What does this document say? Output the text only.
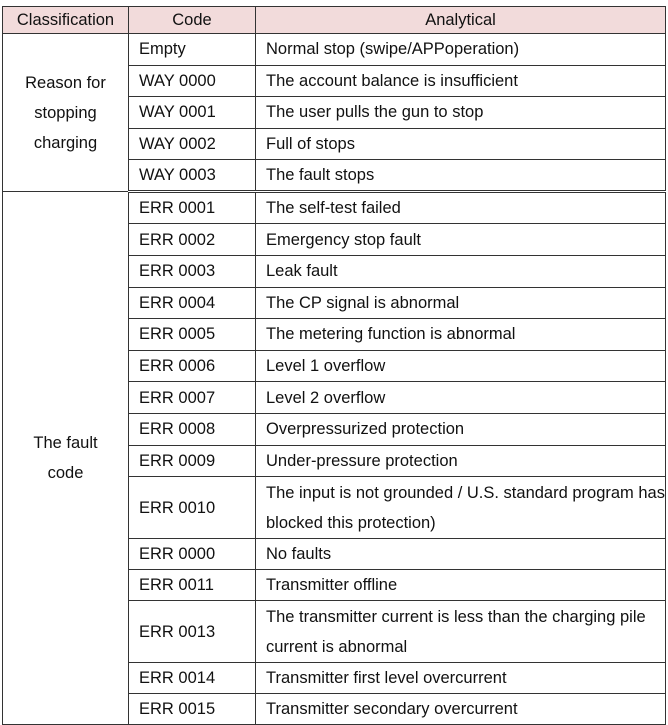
Classification	Code	Analytical
Reason for stopping charging	Empty	Normal stop (swipe/APPoperation)
	WAY 0000	The account balance is insufficient
	WAY 0001	The user pulls the gun to stop
	WAY 0002	Full of stops
	WAY 0003	The fault stops
The fault code	ERR 0001	The self-test failed
	ERR 0002	Emergency stop fault
	ERR 0003	Leak fault
	ERR 0004	The CP signal is abnormal
	ERR 0005	The metering function is abnormal
	ERR 0006	Level 1 overflow
	ERR 0007	Level 2 overflow
	ERR 0008	Overpressurized protection
	ERR 0009	Under-pressure protection
	ERR 0010	The input is not grounded / U.S. standard program has blocked this protection)
	ERR 0000	No faults
	ERR 0011	Transmitter offline
	ERR 0013	The transmitter current is less than the charging pile current is abnormal
	ERR 0014	Transmitter first level overcurrent
	ERR 0015	Transmitter secondary overcurrent
